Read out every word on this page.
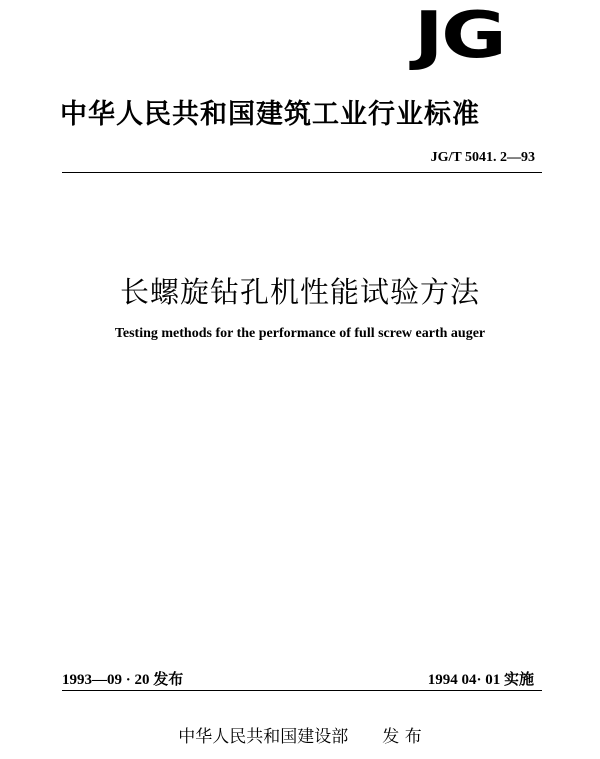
JG
中华人民共和国建筑工业行业标准
JG/T 5041. 2—93
长螺旋钻孔机性能试验方法
Testing methods for the performance of full screw earth auger
1993—09 · 20 发布	1994 04· 01 实施
中华人民共和国建设部 发 布
